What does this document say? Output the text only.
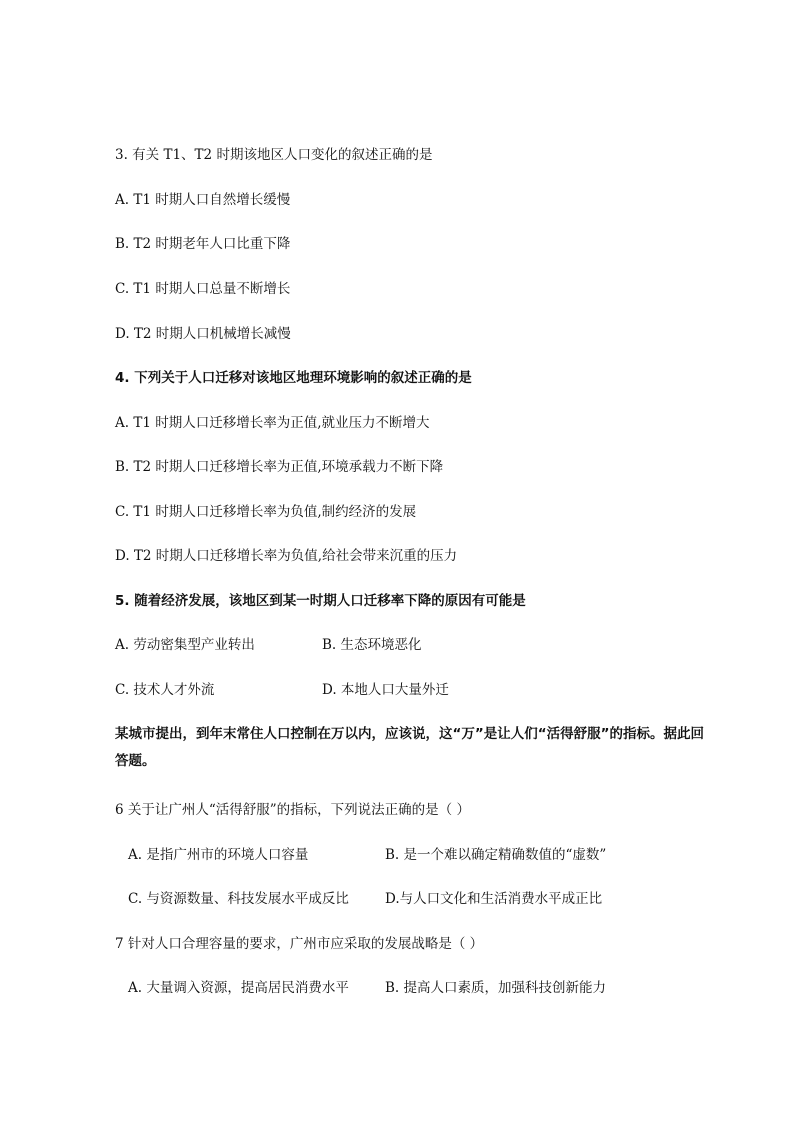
3. 有关 T1、T2 时期该地区人口变化的叙述正确的是
A. T1 时期人口自然增长缓慢
B. T2 时期老年人口比重下降
C. T1 时期人口总量不断增长
D. T2 时期人口机械增长减慢
4. 下列关于人口迁移对该地区地理环境影响的叙述正确的是
A. T1 时期人口迁移增长率为正值,就业压力不断增大
B. T2 时期人口迁移增长率为正值,环境承载力不断下降
C. T1 时期人口迁移增长率为负值,制约经济的发展
D. T2 时期人口迁移增长率为负值,给社会带来沉重的压力
5. 随着经济发展，该地区到某一时期人口迁移率下降的原因有可能是
A. 劳动密集型产业转出	B. 生态环境恶化
C. 技术人才外流	D. 本地人口大量外迁
某城市提出，到年末常住人口控制在万以内，应该说，这“万”是让人们“活得舒服”的指标。据此回答题。
6 关于让广州人“活得舒服”的指标，下列说法正确的是（ ）
A. 是指广州市的环境人口容量	B. 是一个难以确定精确数值的“虚数”
C. 与资源数量、科技发展水平成反比	D.与人口文化和生活消费水平成正比
7 针对人口合理容量的要求，广州市应采取的发展战略是（ ）
A. 大量调入资源，提高居民消费水平	B. 提高人口素质，加强科技创新能力
